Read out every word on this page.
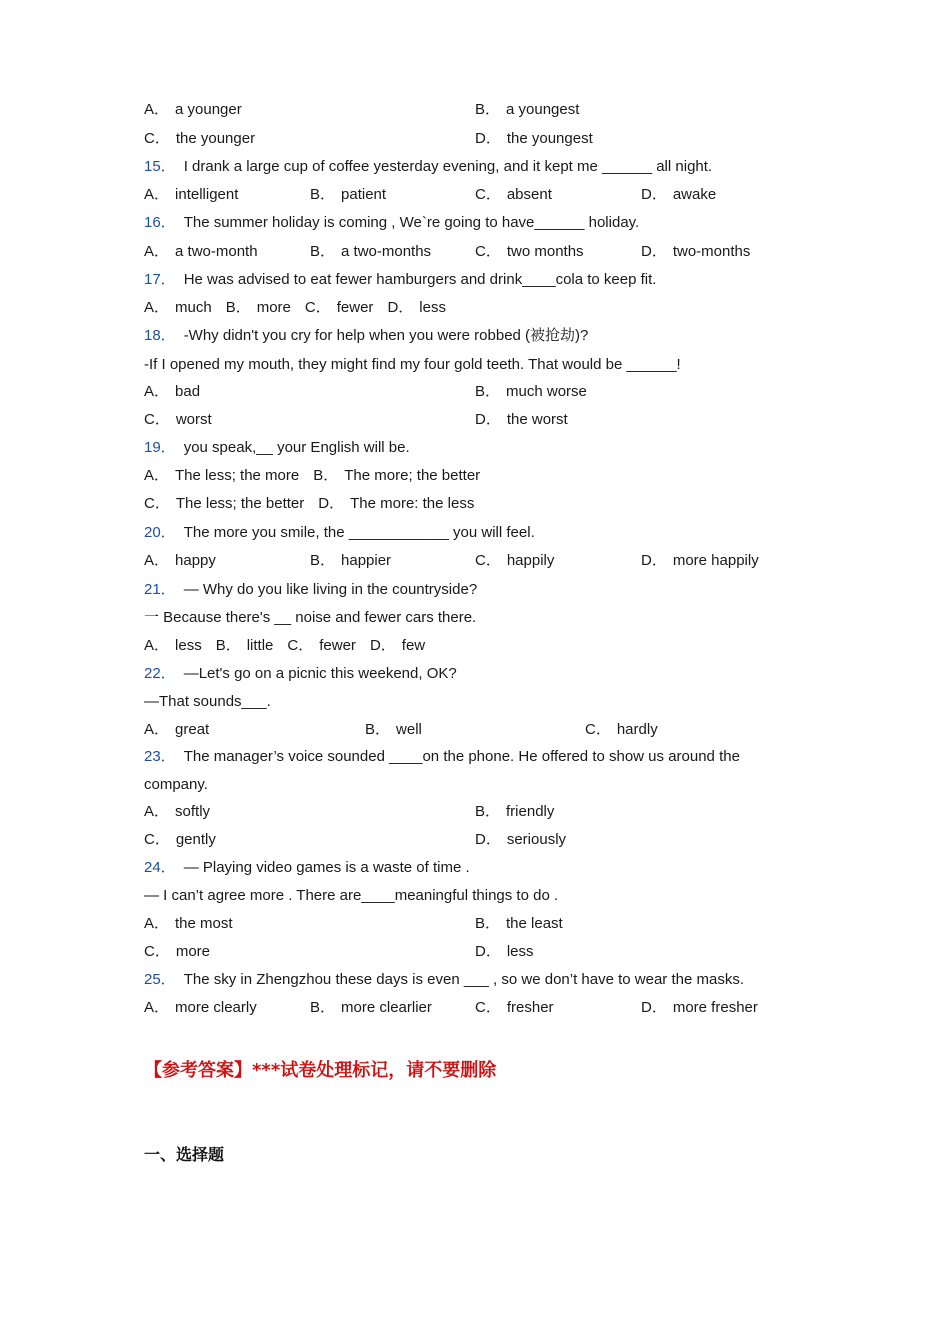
A． a younger	B． a youngest
C． the younger	D． the youngest
15． I drank a large cup of coffee yesterday evening, and it kept me ______ all night.
A． intelligent	B． patient	C． absent	D． awake
16． The summer holiday is coming , We`re going to have______ holiday.
A． a two-month	B． a two-months	C． two months	D． two-months
17． He was advised to eat fewer hamburgers and drink____cola to keep fit.
A． much B． more C． fewer D． less
18． -Why didn't you cry for help when you were robbed (被抢劫)?
-If I opened my mouth, they might find my four gold teeth. That would be ______!
A． bad	B． much worse
C． worst	D． the worst
19． you speak,__ your English will be.
A． The less; the more B． The more; the better
C． The less; the better D． The more: the less
20． The more you smile, the ____________ you will feel.
A． happy	B． happier	C． happily	D． more happily
21． — Why do you like living in the countryside?
一 Because there's __ noise and fewer cars there.
A． less B． little C． fewer D． few
22． —Let's go on a picnic this weekend, OK?
—That sounds___.
A． great	B． well	C． hardly
23． The manager’s voice sounded ____on the phone. He offered to show us around the
company.
A． softly	B． friendly
C． gently	D． seriously
24． — Playing video games is a waste of time .
— I can’t agree more . There are____meaningful things to do .
A． the most	B． the least
C． more	D． less
25． The sky in Zhengzhou these days is even ___ , so we don’t have to wear the masks.
A． more clearly	B． more clearlier	C． fresher	D． more fresher
【参考答案】***试卷处理标记，请不要删除
一、选择题
